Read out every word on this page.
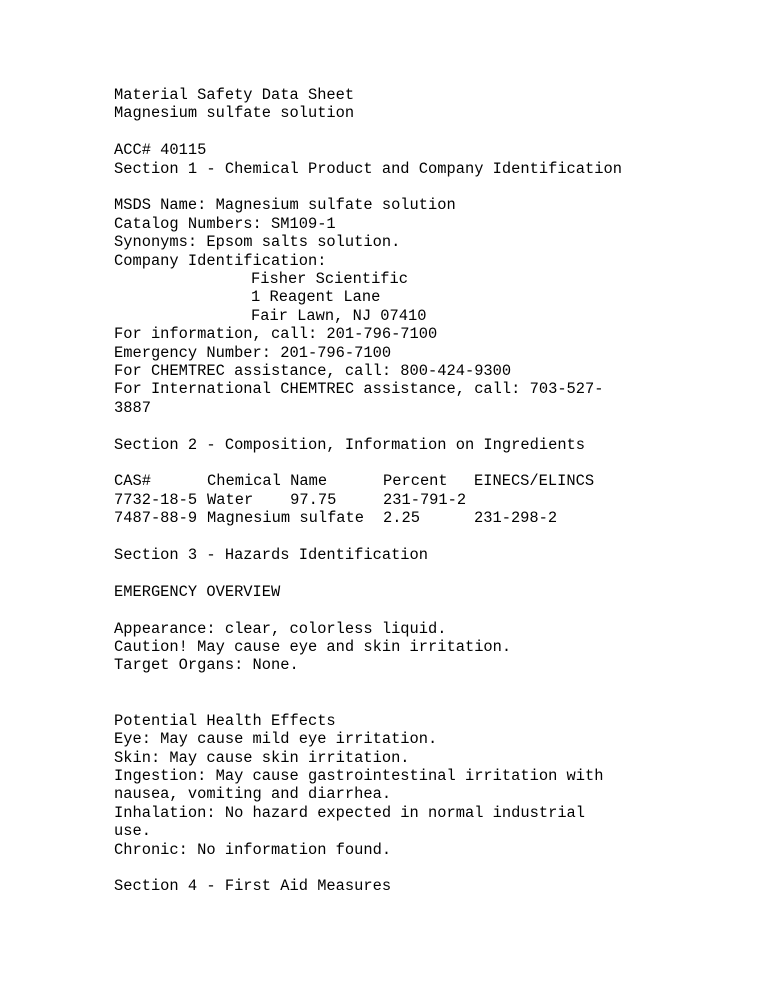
Material Safety Data Sheet
Magnesium sulfate solution
ACC# 40115
Section 1 - Chemical Product and Company Identification
MSDS Name: Magnesium sulfate solution
Catalog Numbers: SM109-1
Synonyms: Epsom salts solution.
Company Identification:
Fisher Scientific
1 Reagent Lane
Fair Lawn, NJ 07410
For information, call: 201-796-7100
Emergency Number: 201-796-7100
For CHEMTREC assistance, call: 800-424-9300
For International CHEMTREC assistance, call: 703-527-
3887
Section 2 - Composition, Information on Ingredients
CAS#	Chemical Name	Percent	EINECS/ELINCS
7732-18-5	Water    97.75	231-791-2	
7487-88-9	Magnesium sulfate	2.25	231-298-2
Section 3 - Hazards Identification
EMERGENCY OVERVIEW
Appearance: clear, colorless liquid.
Caution! May cause eye and skin irritation.
Target Organs: None.
Potential Health Effects
Eye: May cause mild eye irritation.
Skin: May cause skin irritation.
Ingestion: May cause gastrointestinal irritation with
nausea, vomiting and diarrhea.
Inhalation: No hazard expected in normal industrial
use.
Chronic: No information found.
Section 4 - First Aid Measures
